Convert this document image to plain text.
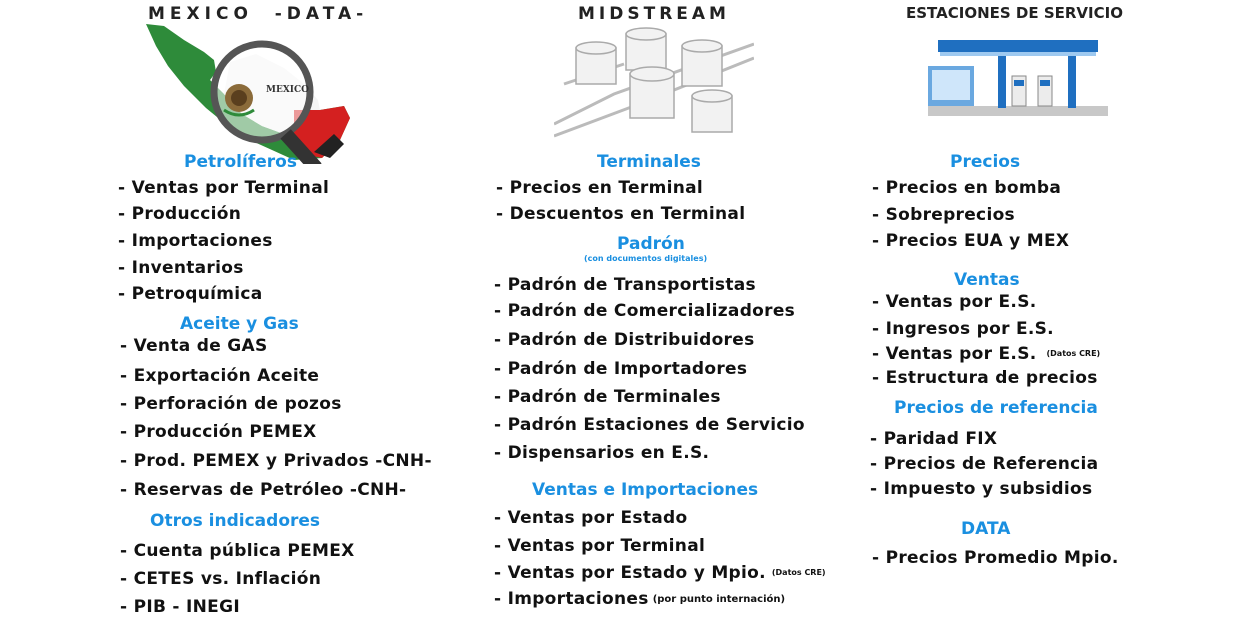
MEXICO  -DATA-
MEXICO
Petrolíferos
- Ventas por Terminal
- Producción
- Importaciones
- Inventarios
- Petroquímica
Aceite y Gas
- Venta de GAS
- Exportación Aceite
- Perforación de pozos
- Producción PEMEX
- Prod. PEMEX y Privados -CNH-
- Reservas de Petróleo -CNH-
Otros indicadores
- Cuenta pública PEMEX
- CETES vs. Inflación
- PIB - INEGI
MIDSTREAM
Terminales
- Precios en Terminal
- Descuentos en Terminal
Padrón
(con documentos digitales)
- Padrón de Transportistas
- Padrón de Comercializadores
- Padrón de Distribuidores
- Padrón de Importadores
- Padrón de Terminales
- Padrón Estaciones de Servicio
- Dispensarios en E.S.
Ventas e Importaciones
- Ventas por Estado
- Ventas por Terminal
- Ventas por Estado y Mpio. (Datos CRE)
- Importaciones (por punto internación)
ESTACIONES DE SERVICIO
Precios
- Precios en bomba
- Sobreprecios
- Precios EUA y MEX
Ventas
- Ventas por E.S.
- Ingresos por E.S.
- Ventas por E.S. (Datos CRE)
- Estructura de precios
Precios de referencia
- Paridad FIX
- Precios de Referencia
- Impuesto y subsidios
DATA
- Precios Promedio Mpio.
